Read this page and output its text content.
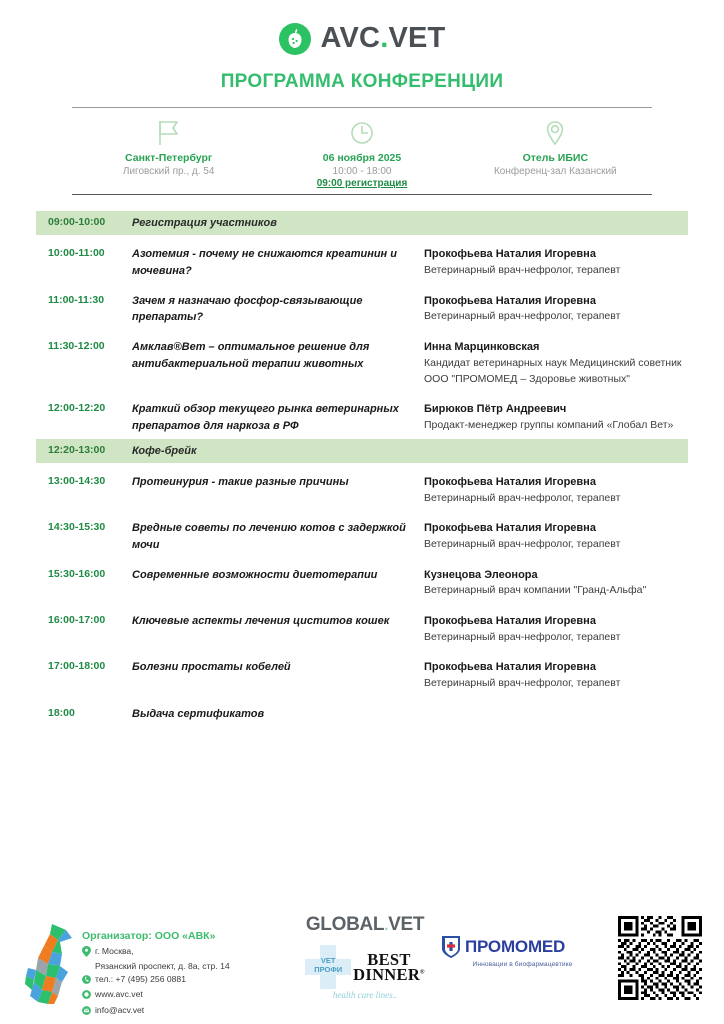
AVC.VET
ПРОГРАММА КОНФЕРЕНЦИИ
Санкт-Петербург
Лиговский пр., д. 54
06 ноября 2025
10:00 - 18:00
Отель ИБИС
Конференц-зал Казанский
09:00 регистрация
09:00-10:00	Регистрация участников
10:00-11:00	Азотемия - почему не снижаются креатинин и мочевина?
Прокофьева Наталия Игоревна
Ветеринарный врач-нефролог, терапевт
11:00-11:30	Зачем я назначаю фосфор-связывающие препараты?
Прокофьева Наталия Игоревна
Ветеринарный врач-нефролог, терапевт
11:30-12:00	Амклав®Вет – оптимальное решение для антибактериальной терапии животных
Инна Марцинковская
Кандидат ветеринарных наук Медицинский советник ООО "ПРОМОМЕД – Здоровье животных"
12:00-12:20	Краткий обзор текущего рынка ветеринарных препаратов для наркоза в РФ
Бирюков Пётр Андреевич
Продакт-менеджер группы компаний «Глобал Вет»
12:20-13:00	Кофе-брейк
13:00-14:30	Протеинурия - такие разные причины	Прокофьева Наталия Игоревна
Ветеринарный врач-нефролог, терапевт
14:30-15:30	Вредные советы по лечению котов с задержкой мочи
Прокофьева Наталия Игоревна
Ветеринарный врач-нефролог, терапевт
15:30-16:00	Современные возможности диетотерапии	Кузнецова Элеонора
Ветеринарный врач компании "Гранд-Альфа"
16:00-17:00	Ключевые аспекты лечения циститов кошек	Прокофьева Наталия Игоревна
Ветеринарный врач-нефролог, терапевт
17:00-18:00	Болезни простаты кобелей	Прокофьева Наталия Игоревна
Ветеринарный врач-нефролог, терапевт
18:00	Выдача сертификатов
Организатор: ООО «АВК»
г. Москва,
Рязанский проспект, д. 8а, стр. 14
тел.: +7 (495) 256 0881
www.avc.vet
info@acv.vet
GLOBAL.VET
VET
ПРОФИ
BEST
DINNER®
health care lines..
ПРОМОМЕD
Инновации в биофармацевтике
